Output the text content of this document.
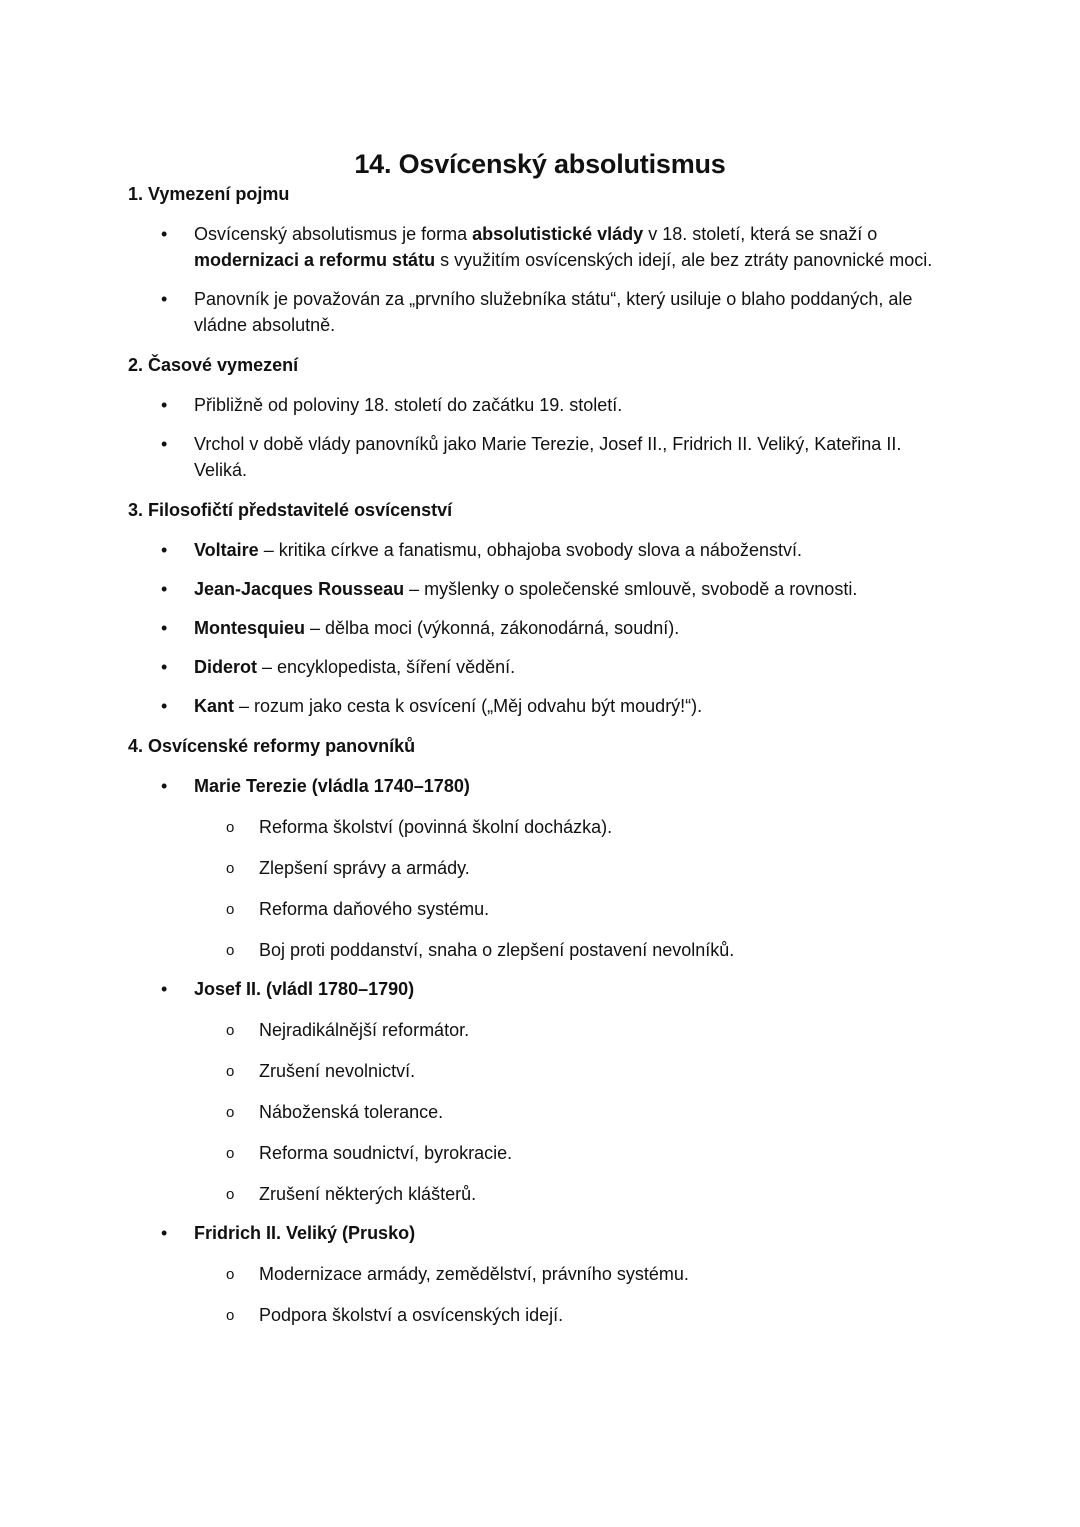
14. Osvícenský absolutismus
1. Vymezení pojmu
• Osvícenský absolutismus je forma absolutistické vlády v 18. století, která se snaží o modernizaci a reformu státu s využitím osvícenských idejí, ale bez ztráty panovnické moci.
• Panovník je považován za „prvního služebníka státu“, který usiluje o blaho poddaných, ale vládne absolutně.
2. Časové vymezení
• Přibližně od poloviny 18. století do začátku 19. století.
• Vrchol v době vlády panovníků jako Marie Terezie, Josef II., Fridrich II. Veliký, Kateřina II. Veliká.
3. Filosofičtí představitelé osvícenství
• Voltaire – kritika církve a fanatismu, obhajoba svobody slova a náboženství.
• Jean-Jacques Rousseau – myšlenky o společenské smlouvě, svobodě a rovnosti.
• Montesquieu – dělba moci (výkonná, zákonodárná, soudní).
• Diderot – encyklopedista, šíření vědění.
• Kant – rozum jako cesta k osvícení („Měj odvahu být moudrý!“).
4. Osvícenské reformy panovníků
• Marie Terezie (vládla 1740–1780)
o Reforma školství (povinná školní docházka).
o Zlepšení správy a armády.
o Reforma daňového systému.
o Boj proti poddanství, snaha o zlepšení postavení nevolníků.
• Josef II. (vládl 1780–1790)
o Nejradikálnější reformátor.
o Zrušení nevolnictví.
o Náboženská tolerance.
o Reforma soudnictví, byrokracie.
o Zrušení některých klášterů.
• Fridrich II. Veliký (Prusko)
o Modernizace armády, zemědělství, právního systému.
o Podpora školství a osvícenských idejí.
